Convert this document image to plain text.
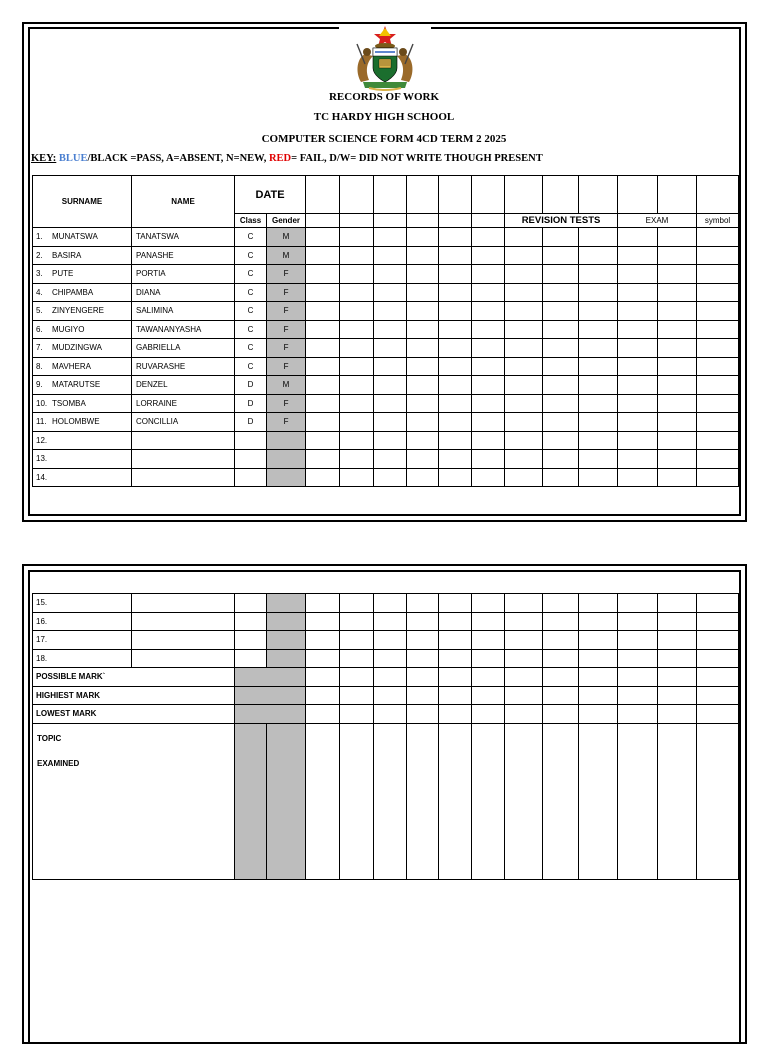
RECORDS OF WORK
TC HARDY HIGH SCHOOL
COMPUTER SCIENCE FORM 4CD TERM 2 2025
KEY: BLUE/BLACK =PASS, A=ABSENT, N=NEW, RED= FAIL, D/W= DID NOT WRITE THOUGH PRESENT
SURNAME	NAME	DATE													
		Class	Gender							REVISION TESTS			EXAM		symbol
1. MUNATSWA	TANATSWA	C	M												
2. BASIRA	PANASHE	C	M												
3. PUTE	PORTIA	C	F												
4. CHIPAMBA	DIANA	C	F												
5. ZINYENGERE	SALIMINA	C	F												
6. MUGIYO	TAWANANYASHA	C	F												
7. MUDZINGWA	GABRIELLA	C	F												
8. MAVHERA	RUVARASHE	C	F												
9. MATARUTSE	DENZEL	D	M												
10. TSOMBA	LORRAINE	D	F												
11. HOLOMBWE	CONCILLIA	D	F												
12.															
13.															
14.															
15.															
16.															
17.															
18.															
POSSIBLE MARK`															
HIGHIEST MARK															
LOWEST MARK															
TOPIC
EXAMINED															
